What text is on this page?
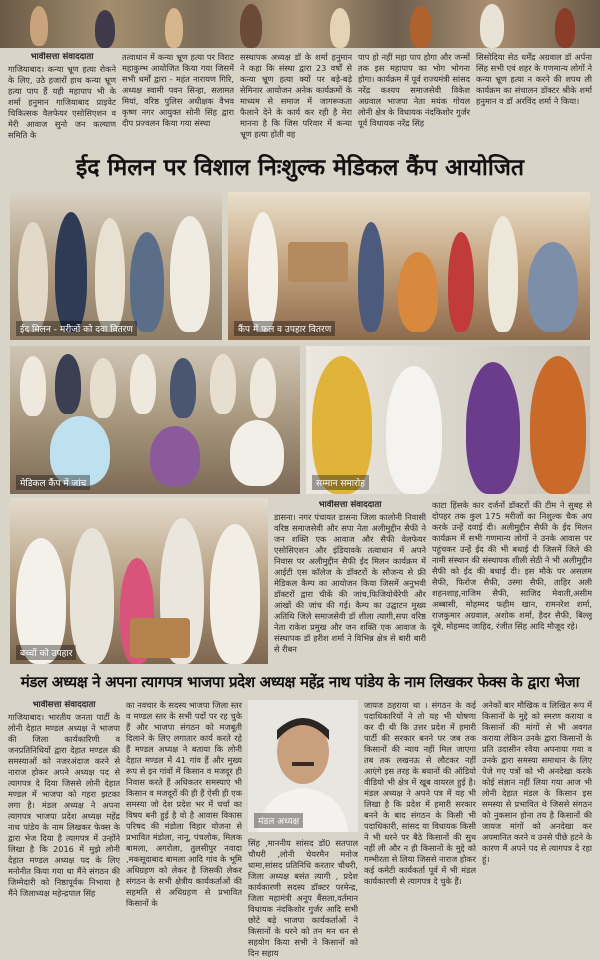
भावीसत्ता संवाददाता
गाजियाबाद। कन्या भ्रूण हत्या रोकने के लिए, उठे हजारों हाथ कन्या भ्रूण हत्या पाप हैं यही महापाप भी के शर्मा हनुमान गाजियाबाद प्राइवेट चिकित्सक वैलफेयर एसोसिएशन व मेरी आवाज सुनो जन कल्याण समिति के
तत्वाधान में कन्या भ्रूण हत्या पर विराट महाकुम्भ आयोजित किया गया जिसमें सभी धर्मों द्वारा - महंत नारायण गिरि, अध्यक्ष स्वामी पवन सिन्हा, सलामत मियां, वरिष्ठ पुलिस अधीक्षक वैभव कृष्ण नगर आयुक्त सोनी सिंह द्वारा दीप प्रज्वलन किया गया संस्था
सस्थापक अध्यक्ष डॉ के शर्मा हनुमान ने कहा कि संस्था द्वारा 23 वर्षों से कन्या भ्रूण हत्या क्यों पर बड़े-बड़े सेमिनार आयोजन अनेक कार्यक्रमों के माध्यम से समाज में जागरूकता फैलाने देने के कार्य कर रही है मेरा मानना है कि जिस परिवार में कन्या भ्रूण हत्या होती वह
पाप हो नहीं महा पाप होगा और जन्मों तक इस महापाप का भोग भोगना होगा। कार्यक्रम में पूर्व राज्यमंत्री सांसद नरेंद्र कश्यप समाजसेवी विकेश अग्रवाल भाजपा नेता मयंक गोयल लोनी क्षेत्र के विधायक नंदकिशोर गुर्जर पूर्व विधायक नरेंद्र सिंह
सिसोदिया सेठ धर्मेंद्र अग्रवाल डॉ अर्पना सिंह सभी एवं शहर के गणमान्य लोगों ने कन्या भ्रूण हत्या न करने की शपथ ली कार्यक्रम का संचालन डॉक्टर श्रीके शर्मा हनुमान व डॉ अरविंद शर्मा ने किया।
ईद मिलन पर विशाल निःशुल्क मेडिकल कैंप आयोजित
ईद मिलन - मरीजों को दवा वितरण	कैंप में फल व उपहार वितरण
मेडिकल कैंप में जांच	सम्मान समारोह
बच्चों को उपहार
भावीसत्ता संवाददाता
डासना। नगर पंचायत डासना जिला कालोनी निवासी वरिष्ठ समाजसेवी और सपा नेता अलीमुद्दीन सैफी ने जन शक्ति एक आवाज और सैफी वेलफेयर एसोसिएशन और इंडियावके तत्वाधान में अपने निवास पर अलीमुद्दीन सैफी ईद मिलन कार्यक्रम में आईटी एस कॉलेज के डॉक्टरों के सौजन्य से फ्री मेडिकल कैम्प का आयोजन किया जिसमें अनुभवी डॉक्टरों द्वारा चीकें की जांच,फिजियोथैरेपी और आंखों की जांच की गई। कैम्प का उद्घाटन मुख्य अतिथि जिले समाजसेवी डॉ शीला त्यागी,सपा वरिष्ठ नेता राकेश प्रमुख और जन शक्ति एक आवाज के संस्थापक डॉ हरीश शर्मा ने विभिन्न क्षेत्र से बारी बारी से रीबन
काटा हिंसके कार दर्जनों डॉक्टरों की टीम ने सुबह से दोपहर तक कुल 175 मरीजों का निशुल्क चैक अप करके उन्हें दवाई दी। अलीमुद्दीन सैफी के ईद मिलन कार्यक्रम में सभी गणमान्य लोगों ने उनके आवास पर पहुंचकर उन्हें ईद की भी बधाई दी जिसमें जिले की नामी संस्थान की संस्थापक शीली सेठी ने भी अलीमुद्दीन सैफी को ईद की बधाई दी। इस मौके पर असलम सैफी, फिरोज सैफी, उस्मा सैफी, ताहिर अली शहनशाह,नाजिम सैफी, साजिद मेवाती,असीम अब्बासी, मोहम्मद फहीम खान, रामनरेश शर्मा, राजकुमार अग्रवाल, अशोक शर्मा, हैदर सैफी, बिल्लू दूबे, मोहम्मद जाहिद, रंजीत सिंह आदि मौजूद रहे।
मंडल अध्यक्ष ने अपना त्यागपत्र भाजपा प्रदेश अध्यक्ष महेंद्र नाथ पांडेय के नाम लिखकर फेक्स के द्वारा भेजा
भावीसत्ता संवाददाता
गाजियाबाद। भारतीय जनता पार्टी के लोनी देहात मण्डल अध्यक्ष ने भाजपा की जिला कार्यकारिणी व जनप्रतिनिधियों द्वारा देहात मण्डल की समस्याओं को नजरअंदाज करने से नाराज होकर अपने अध्यक्ष पद से त्यागपत्र दे दिया जिससे लोनी देहात मण्डल में भाजपा को गहरा झटका लगा है। मंडल अध्यक्ष ने अपना त्यागपत्र भाजपा प्रदेश अध्यक्ष महेंद्र नाथ पांडेय के नाम लिखकर फेक्स के द्वारा भेज दिया है त्यागपत्र में उन्होंने लिखा है कि 2016 में मुझे लोनी देहात मण्डल अध्यक्ष पद के लिए मनोनीत किया गया था मैंने संगठन की जिम्मेदारी को निष्ठापूर्वक निभाया है मैंने जिलाध्यक्ष महेन्द्रपाल सिंह
का नवचार के सदस्य भाजपा जिला स्तर व मण्डल स्तर के सभी पदों पर रह चुके हैं और भाजपा संगठन को मजबूती दिलाने के लिए लगातार कार्य करते रहे हैं मण्डल अध्यक्ष ने बताया कि लोनी देहात मण्डल में 41 गांव हैं और मुख्य रूप से इन गांवों में किसान व मजदूर ही निवास करते हैं अधिकतर समस्याएं भी किसान व मजदूरों की ही हैं ऐसी ही एक समस्या जो देश प्रदेश भर में चर्चा का विषय बनी हुई है वो है आवास विकास परिषद की मंडोला विहार योजना से प्रभावित मंडोला, नानू, पंचलोक, मिलक बामला, अगरोला, तुलसीपुर नवादा ,मकसूदाबाद बामला आदि गांव के भूमि अधिग्रहण को लेकर है जिसकी लेकर संगठन के सभी क्षेत्रीय कार्यकर्ताओं की सहमति से अधिग्रहण से प्रभावित किसानों के
मंडल अध्यक्ष
सिंह ,माननीय सांसद डॉ0 सतपाल चौधरी ,लोनी चेयरमैन मनोज धामा,सांसद प्रतिनिधि करतार चौधरी, जिला अध्यक्ष बसंत त्यागी , प्रदेश कार्यकारणी सदस्य डॉक्टर परमेन्द्र, जिला महामंत्री अनूप बैंसला,वर्तमान विधायक नंदकिशोर गुर्जर आदि सभी छोटे बड़े भाजपा कार्यकर्ताओं ने किसानों के धरने को तन मन धन से सहयोग किया सभी ने किसानों को दिन सहाय
जायज ठहराया था । संगठन के कई पदाधिकारियों ने तो यह भी घोषणा कर दी थी कि उत्तर प्रदेश में हमारी पार्टी की सरकार बनने पर जब तक किसानों की न्याय नहीं मिल जाएगा तब तक लखनऊ से लौटकर नहीं आएंगे इस तरह के बयानों की ऑडियो वीडियो भी क्षेत्र में खूब वायरल हुई है। मंडल अध्यक्ष ने अपने पत्र में यह भी लिखा है कि प्रदेश में हमारी सरकार बनने के बाद संगठन के किसी भी पदाधिकारी, सांसद या विधायक किसी ने भी धरने पर बैठे किसानों की सुध नहीं ली और न ही किसानों के मुद्दे को गम्भीरता से लिया जिससे नाराज होकर कई कमेटी कार्यकर्ता पूर्व में भी मंडल कार्यकारणी से त्यागपत्र दे चुके हैं।
अनेकों बार मौखिक व लिखित रूप में किसानों के मुद्दे को स्मरण कराया व किसानों की मांगों से भी अवगत कराया लेकिन उनके द्वारा किसानों के प्रति उदासीन रवैया अपनाया गया व उनके द्वारा समस्या समाधान के लिए पेजे गए पत्रों को भी अनदेखा करके कोई संज्ञान नहीं लिया गया आज भी लोनी देहात मंडल के किसान इस समस्या से प्रभावित थे जिससे संगठन को नुकसान होना तय है किसानों की जायज मांगों को अनदेखा कर अपमानित करने व उनसे पीछे हटने के कारण मैं अपने पद से त्यागपत्र दे रहा हूं।
